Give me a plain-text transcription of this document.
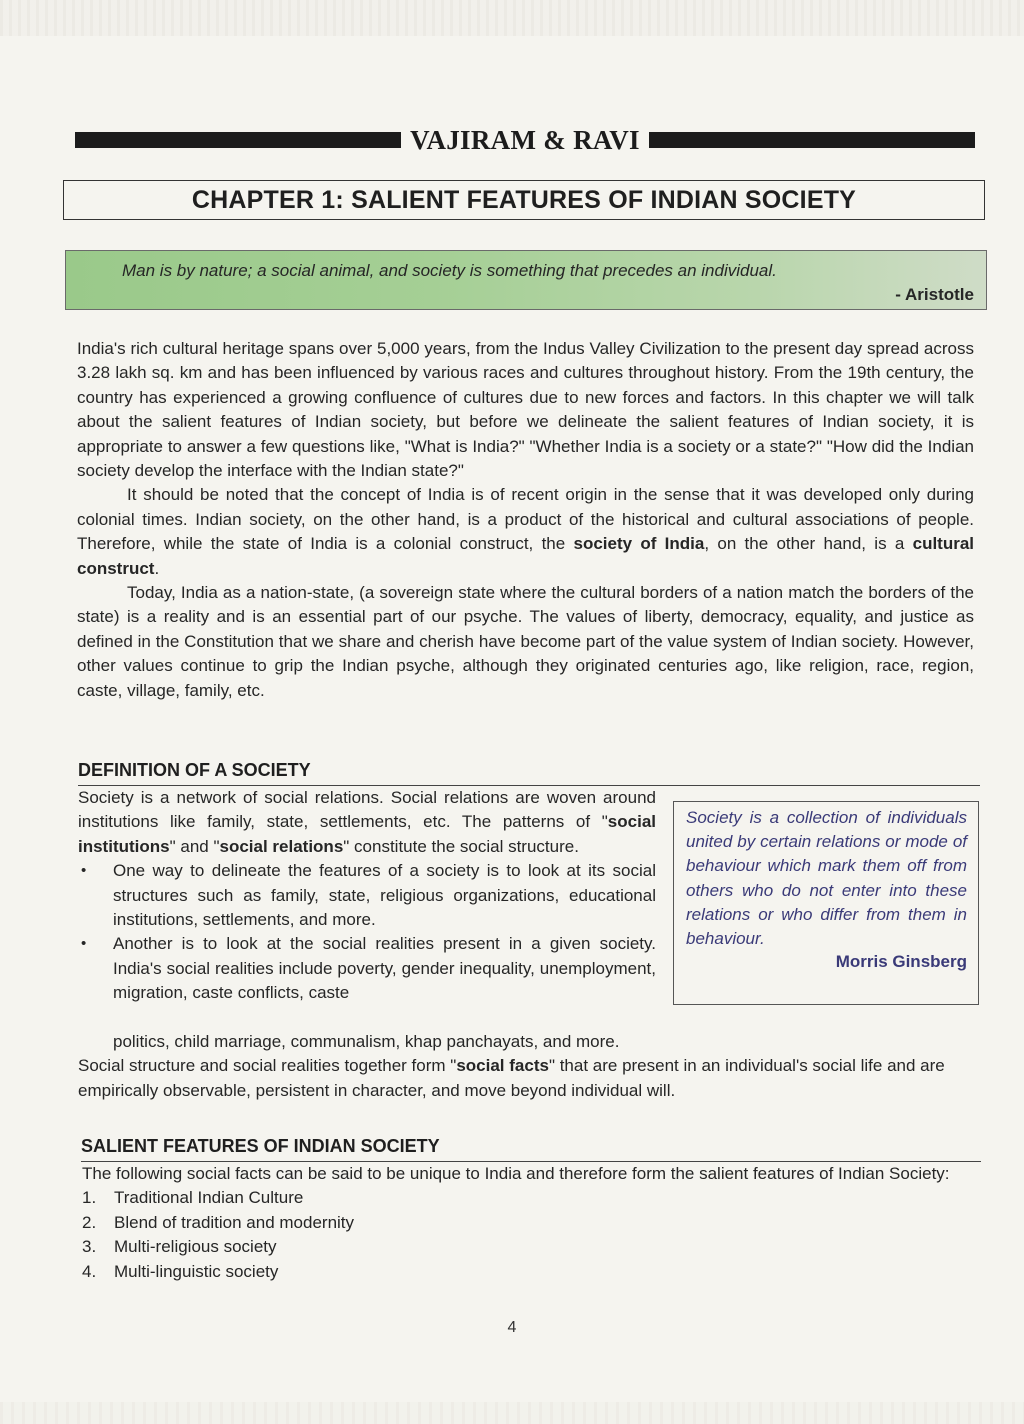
VAJIRAM & RAVI
CHAPTER 1: SALIENT FEATURES OF INDIAN SOCIETY
Man is by nature; a social animal, and society is something that precedes an individual.
- Aristotle

India's rich cultural heritage spans over 5,000 years, from the Indus Valley Civilization to the present day spread across 3.28 lakh sq. km and has been influenced by various races and cultures throughout history. From the 19th century, the country has experienced a growing confluence of cultures due to new forces and factors. In this chapter we will talk about the salient features of Indian society, but before we delineate the salient features of Indian society, it is appropriate to answer a few questions like, "What is India?" "Whether India is a society or a state?" "How did the Indian society develop the interface with the Indian state?"

It should be noted that the concept of India is of recent origin in the sense that it was developed only during colonial times. Indian society, on the other hand, is a product of the historical and cultural associations of people. Therefore, while the state of India is a colonial construct, the society of India, on the other hand, is a cultural construct.

Today, India as a nation-state, (a sovereign state where the cultural borders of a nation match the borders of the state) is a reality and is an essential part of our psyche. The values of liberty, democracy, equality, and justice as defined in the Constitution that we share and cherish have become part of the value system of Indian society. However, other values continue to grip the Indian psyche, although they originated centuries ago, like religion, race, region, caste, village, family, etc.

DEFINITION OF A SOCIETY

Society is a network of social relations. Social relations are woven around institutions like family, state, settlements, etc. The patterns of "social institutions" and "social relations" constitute the social structure.

• One way to delineate the features of a society is to look at its social structures such as family, state, religious organizations, educational institutions, settlements, and more.
• Another is to look at the social realities present in a given society. India's social realities include poverty, gender inequality, unemployment, migration, caste conflicts, caste

politics, child marriage, communalism, khap panchayats, and more.

Social structure and social realities together form "social facts" that are present in an individual's social life and are empirically observable, persistent in character, and move beyond individual will.

Society is a collection of individuals united by certain relations or mode of behaviour which mark them off from others who do not enter into these relations or who differ from them in behaviour.

Morris Ginsberg
SALIENT FEATURES OF INDIAN SOCIETY

The following social facts can be said to be unique to India and therefore form the salient features of Indian Society:

1.	Traditional Indian Culture
2.	Blend of tradition and modernity
3.	Multi-religious society
4.	Multi-linguistic society
4
